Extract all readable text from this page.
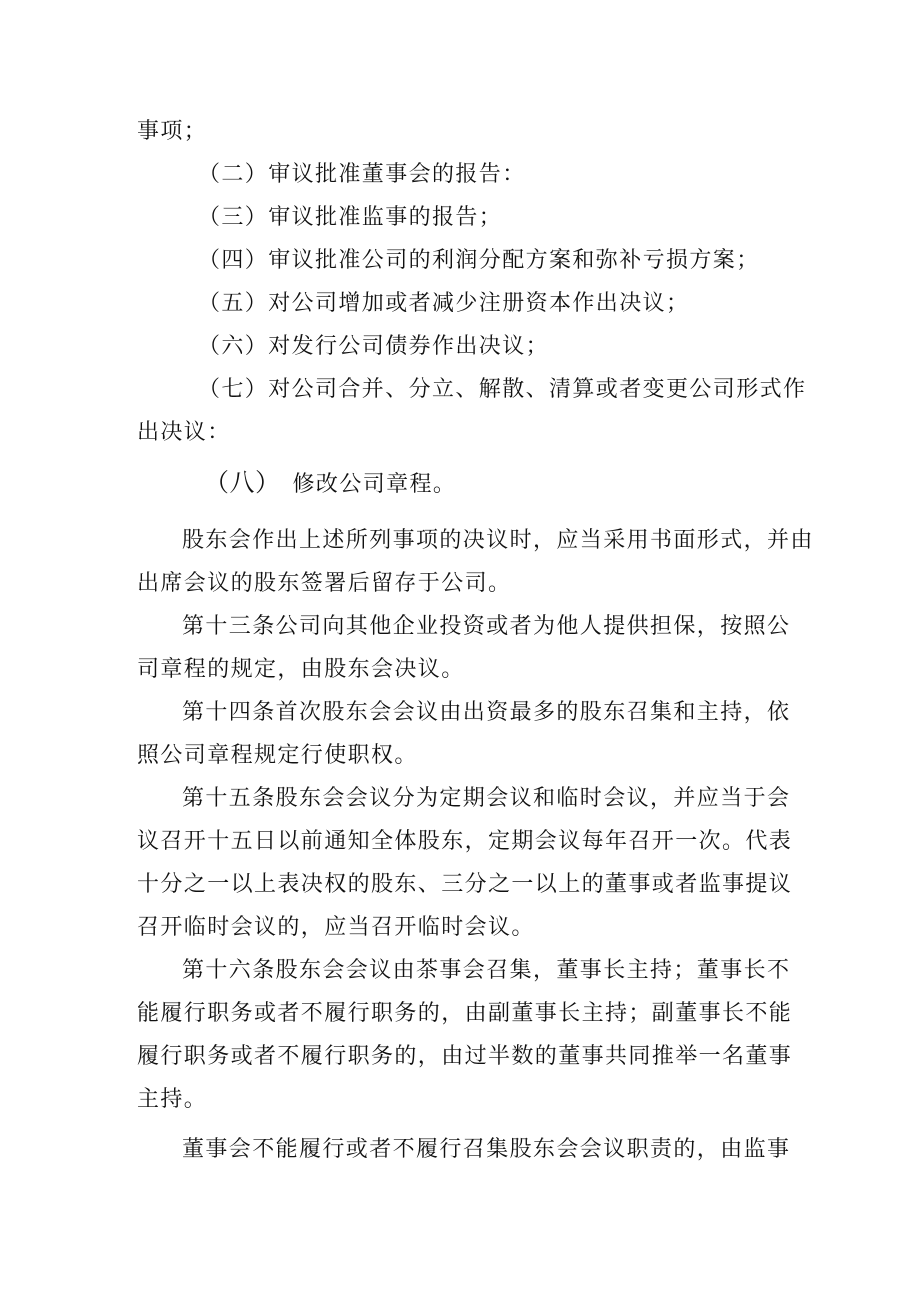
事项；
（二）审议批准董事会的报告：
（三）审议批准监事的报告；
（四）审议批准公司的利润分配方案和弥补亏损方案；
（五）对公司增加或者减少注册资本作出决议；
（六）对发行公司债券作出决议；
（七）对公司合并、分立、解散、清算或者变更公司形式作
出决议：
（八） 修改公司章程。
股东会作出上述所列事项的决议时，应当采用书面形式，并由
出席会议的股东签署后留存于公司。
第十三条公司向其他企业投资或者为他人提供担保，按照公
司章程的规定，由股东会决议。
第十四条首次股东会会议由出资最多的股东召集和主持，依
照公司章程规定行使职权。
第十五条股东会会议分为定期会议和临时会议，并应当于会
议召开十五日以前通知全体股东，定期会议每年召开一次。代表
十分之一以上表决权的股东、三分之一以上的董事或者监事提议
召开临时会议的，应当召开临时会议。
第十六条股东会会议由茶事会召集，董事长主持；董事长不
能履行职务或者不履行职务的，由副董事长主持；副董事长不能
履行职务或者不履行职务的，由过半数的董事共同推举一名董事
主持。
董事会不能履行或者不履行召集股东会会议职责的，由监事
